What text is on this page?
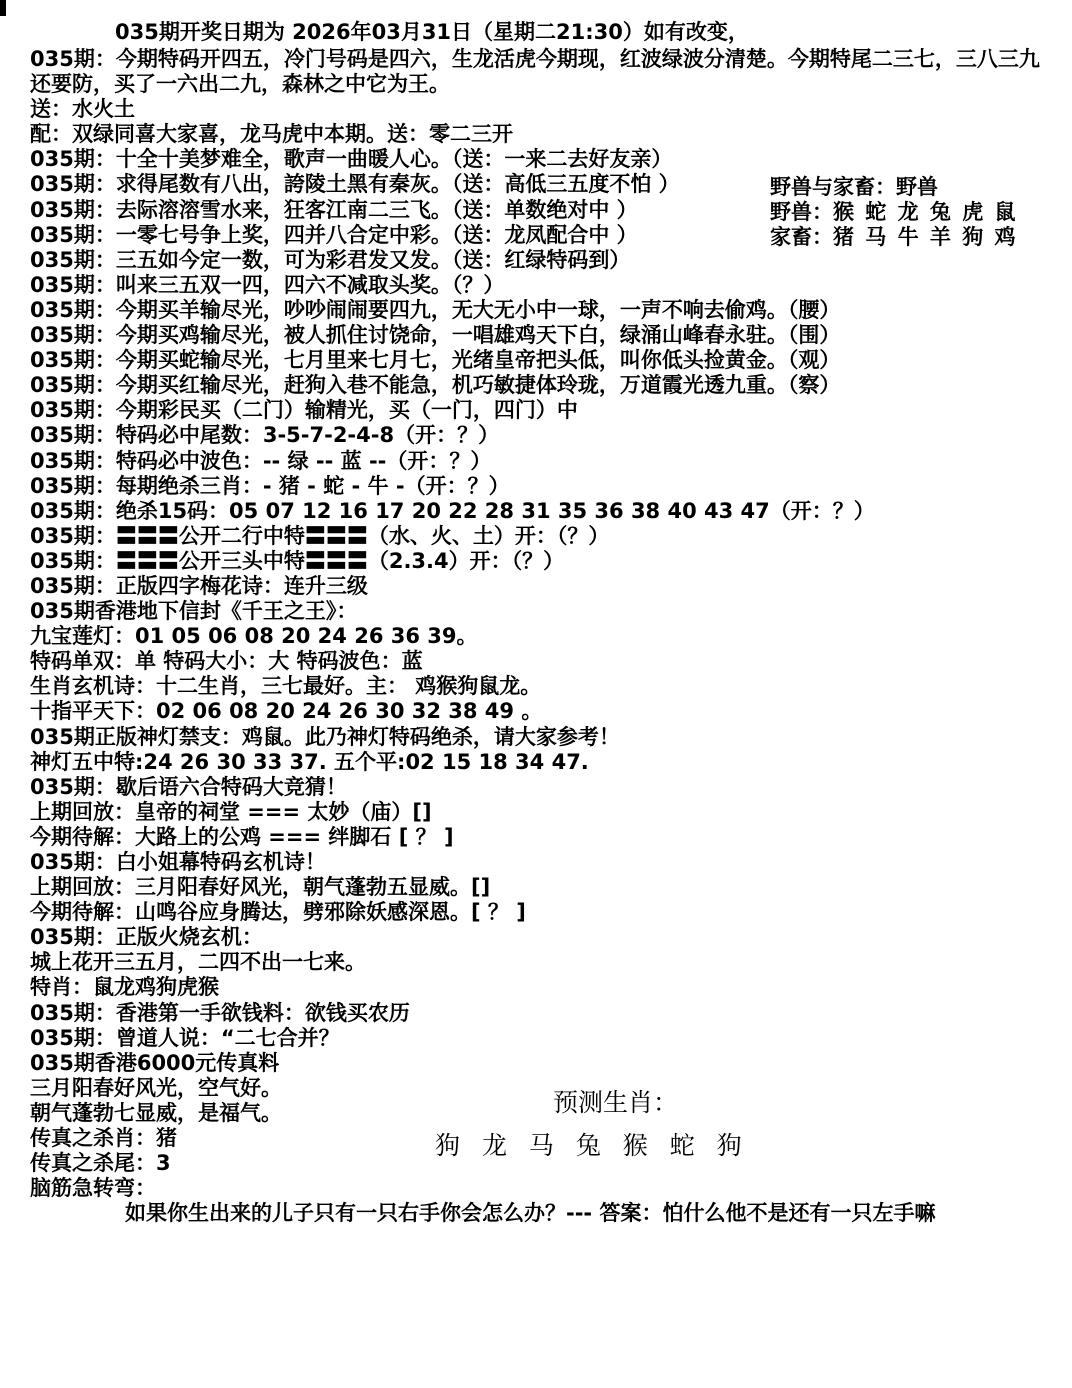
035期开奖日期为 2026年03月31日（星期二21:30）如有改变，
035期：今期特码开四五，冷门号码是四六，生龙活虎今期现，红波绿波分清楚。今期特尾二三七，三八三九
还要防，买了一六出二九，森林之中它为王。
送：水火土
配：双绿同喜大家喜，龙马虎中本期。送：零二三开
035期：十全十美梦难全，歌声一曲暖人心。（送：一来二去好友亲）
035期：求得尾数有八出，誇陵土黑有秦灰。（送：高低三五度不怕 ）
035期：去际溶溶雪水来，狂客江南二三飞。（送：单数绝对中 ）
035期：一零七号争上奖，四并八合定中彩。（送：龙凤配合中 ）
035期：三五如今定一数，可为彩君发又发。（送：红绿特码到）
035期：叫来三五双一四，四六不减取头奖。（？）
035期：今期买羊输尽光，吵吵闹闹要四九，无大无小中一球，一声不响去偷鸡。（腰）
035期：今期买鸡输尽光，被人抓住讨饶命，一唱雄鸡天下白，绿涌山峰春永驻。（围）
035期：今期买蛇输尽光，七月里来七月七，光绪皇帝把头低，叫你低头捡黄金。（观）
035期：今期买红输尽光，赶狗入巷不能急，机巧敏捷体玲珑，万道霞光透九重。（察）
035期：今期彩民买（二门）输精光，买（一门，四门）中
035期：特码必中尾数：3-5-7-2-4-8（开：？）
035期：特码必中波色：-- 绿 -- 蓝 --（开：？）
035期：每期绝杀三肖：- 猪 - 蛇 - 牛 -（开：？）
035期：绝杀15码：05 07 12 16 17 20 22 28 31 35 36 38 40 43 47（开：？）
035期：〓〓〓公开二行中特〓〓〓（水、火、土）开：（？）
035期：〓〓〓公开三头中特〓〓〓（2.3.4）开：（？）
035期：正版四字梅花诗：连升三级
035期香港地下信封《千王之王》：
九宝莲灯：01 05 06 08 20 24 26 36 39。
特码单双：单 特码大小：大 特码波色：蓝
生肖玄机诗：十二生肖，三七最好。主： 鸡猴狗鼠龙。
十指平天下：02 06 08 20 24 26 30 32 38 49 。
035期正版神灯禁支：鸡鼠。此乃神灯特码绝杀，请大家参考！
神灯五中特:24 26 30 33 37. 五个平:02 15 18 34 47.
035期：歇后语六合特码大竞猜！
上期回放：皇帝的祠堂 === 太妙（庙）[]
今期待解：大路上的公鸡 === 绊脚石 [ ？ ]
035期：白小姐幕特码玄机诗！
上期回放：三月阳春好风光，朝气蓬勃五显威。[]
今期待解：山鸣谷应身腾达，劈邪除妖感深恩。[ ？ ]
035期：正版火烧玄机：
城上花开三五月，二四不出一七来。
特肖：鼠龙鸡狗虎猴
035期：香港第一手欲钱料：欲钱买农历
035期：曾道人说：“二七合并？
035期香港6000元传真料
三月阳春好风光，空气好。
朝气蓬勃七显威，是福气。
传真之杀肖：猪
传真之杀尾：3
脑筋急转弯：
如果你生出来的儿子只有一只右手你会怎么办？--- 答案：怕什么他不是还有一只左手嘛
野兽与家畜：野兽
野兽：猴 蛇 龙 兔 虎 鼠
家畜：猪 马 牛 羊 狗 鸡
预测生肖：
狗 龙 马 兔 猴 蛇 狗
